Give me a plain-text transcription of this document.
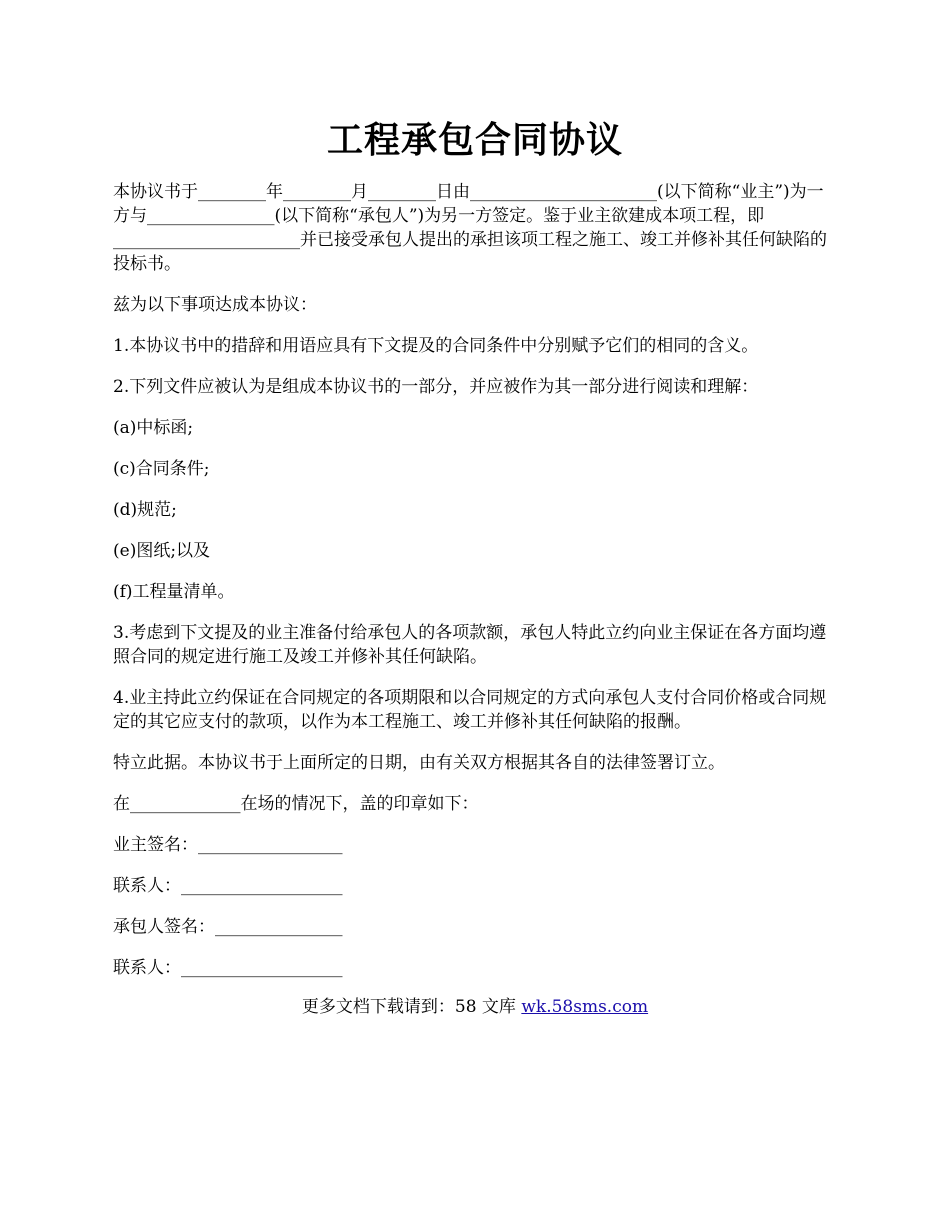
工程承包合同协议

本协议书于________年________月________日由______________________(以下简称“业主”)为一方与_______________(以下简称“承包人”)为另一方签定。鉴于业主欲建成本项工程，即______________________并已接受承包人提出的承担该项工程之施工、竣工并修补其任何缺陷的投标书。

兹为以下事项达成本协议：

1.本协议书中的措辞和用语应具有下文提及的合同条件中分别赋予它们的相同的含义。

2.下列文件应被认为是组成本协议书的一部分，并应被作为其一部分进行阅读和理解：

(a)中标函;

(c)合同条件;

(d)规范;

(e)图纸;以及

(f)工程量清单。

3.考虑到下文提及的业主准备付给承包人的各项款额，承包人特此立约向业主保证在各方面均遵照合同的规定进行施工及竣工并修补其任何缺陷。

4.业主持此立约保证在合同规定的各项期限和以合同规定的方式向承包人支付合同价格或合同规定的其它应支付的款项，以作为本工程施工、竣工并修补其任何缺陷的报酬。

特立此据。本协议书于上面所定的日期，由有关双方根据其各自的法律签署订立。

在_____________在场的情况下，盖的印章如下：

业主签名：_________________

联系人：___________________

承包人签名：_______________

联系人：___________________

更多文档下载请到：58 文库 wk.58sms.com
